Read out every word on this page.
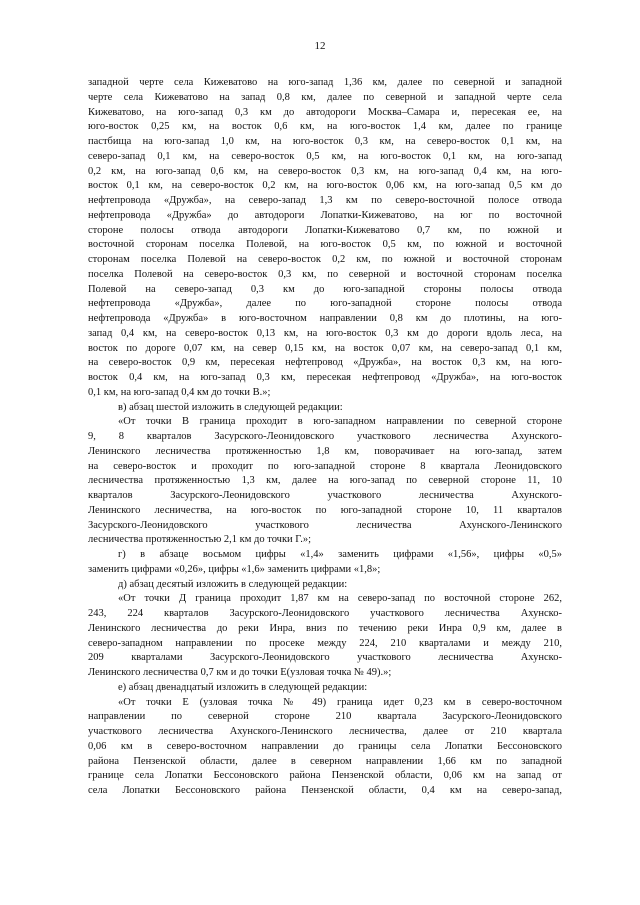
12

западной черте села Кижеватово на юго-запад 1,36 км, далее по северной и западной
черте села Кижеватово на запад 0,8 км, далее по северной и западной черте села
Кижеватово, на юго-запад 0,3 км до автодороги Москва–Самара и, пересекая ее, на
юго-восток 0,25 км, на восток 0,6 км, на юго-восток 1,4 км, далее по границе
пастбища на юго-запад 1,0 км, на юго-восток 0,3 км, на северо-восток 0,1 км, на
северо-запад 0,1 км, на северо-восток 0,5 км, на юго-восток 0,1 км, на юго-запад
0,2 км, на юго-запад 0,6 км, на северо-восток 0,3 км, на юго-запад 0,4 км, на юго-
восток 0,1 км, на северо-восток 0,2 км, на юго-восток 0,06 км, на юго-запад 0,5 км до
нефтепровода «Дружба», на северо-запад 1,3 км по северо-восточной полосе отвода
нефтепровода «Дружба» до автодороги Лопатки-Кижеватово, на юг по восточной
стороне полосы отвода автодороги Лопатки-Кижеватово 0,7 км, по южной и
восточной сторонам поселка Полевой, на юго-восток 0,5 км, по южной и восточной
сторонам поселка Полевой на северо-восток 0,2 км, по южной и восточной сторонам
поселка Полевой на северо-восток 0,3 км, по северной и восточной сторонам поселка
Полевой на северо-запад 0,3 км до юго-западной стороны полосы отвода
нефтепровода «Дружба», далее по юго-западной стороне полосы отвода
нефтепровода «Дружба» в юго-восточном направлении 0,8 км до плотины, на юго-
запад 0,4 км, на северо-восток 0,13 км, на юго-восток 0,3 км до дороги вдоль леса, на
восток по дороге 0,07 км, на север 0,15 км, на восток 0,07 км, на северо-запад 0,1 км,
на северо-восток 0,9 км, пересекая нефтепровод «Дружба», на восток 0,3 км, на юго-
восток 0,4 км, на юго-запад 0,3 км, пересекая нефтепровод «Дружба», на юго-восток
0,1 км, на юго-запад 0,4 км до точки В.»;
в) абзац шестой изложить в следующей редакции:
«От точки В граница проходит в юго-западном направлении по северной стороне
9, 8 кварталов Засурского-Леонидовского участкового лесничества Ахунского-
Ленинского лесничества протяженностью 1,8 км, поворачивает на юго-запад, затем
на северо-восток и проходит по юго-западной стороне 8 квартала Леонидовского
лесничества протяженностью 1,3 км, далее на юго-запад по северной стороне 11, 10
кварталов Засурского-Леонидовского участкового лесничества Ахунского-
Ленинского лесничества, на юго-восток по юго-западной стороне 10, 11 кварталов
Засурского-Леонидовского участкового лесничества Ахунского-Ленинского
лесничества протяженностью 2,1 км до точки Г.»;
г) в абзаце восьмом цифры «1,4» заменить цифрами «1,56», цифры «0,5»
заменить цифрами «0,26», цифры «1,6» заменить цифрами «1,8»;
д) абзац десятый изложить в следующей редакции:
«От точки Д граница проходит 1,87 км на северо-запад по восточной стороне 262,
243, 224 кварталов Засурского-Леонидовского участкового лесничества Ахунско-
Ленинского лесничества до реки Инра, вниз по течению реки Инра 0,9 км, далее в
северо-западном направлении по просеке между 224, 210 кварталами и между 210,
209 кварталами Засурского-Леонидовского участкового лесничества Ахунско-
Ленинского лесничества 0,7 км и до точки Е(узловая точка № 49).»;
е) абзац двенадцатый изложить в следующей редакции:
«От точки Е (узловая точка № 49) граница идет 0,23 км в северо-восточном
направлении по северной стороне 210 квартала Засурского-Леонидовского
участкового лесничества Ахунского-Ленинского лесничества, далее от 210 квартала
0,06 км в северо-восточном направлении до границы села Лопатки Бессоновского
района Пензенской области, далее в северном направлении 1,66 км по западной
границе села Лопатки Бессоновского района Пензенской области, 0,06 км на запад от
села Лопатки Бессоновского района Пензенской области, 0,4 км на северо-запад,
